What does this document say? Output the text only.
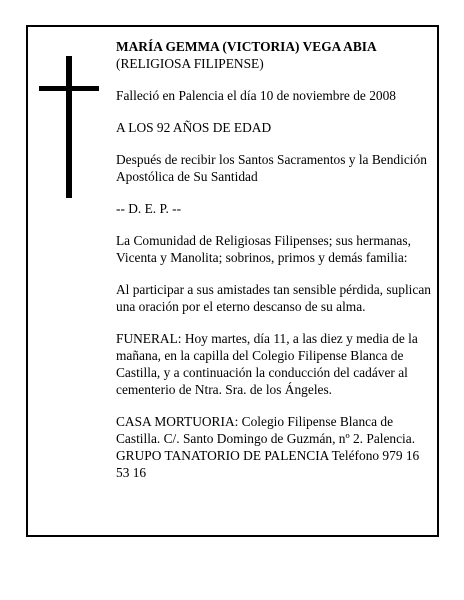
MARÍA GEMMA (VICTORIA) VEGA ABIA
(RELIGIOSA FILIPENSE)

Falleció en Palencia el día 10 de noviembre de 2008

A LOS 92 AÑOS DE EDAD

Después de recibir los Santos Sacramentos y la Bendición Apostólica de Su Santidad

-- D. E. P. --

La Comunidad de Religiosas Filipenses; sus hermanas, Vicenta y Manolita; sobrinos, primos y demás familia:

Al participar a sus amistades tan sensible pérdida, suplican una oración por el eterno descanso de su alma.

FUNERAL: Hoy martes, día 11, a las diez y media de la mañana, en la capilla del Colegio Filipense Blanca de Castilla, y a continuación la conducción del cadáver al cementerio de Ntra. Sra. de los Ángeles.

CASA MORTUORIA: Colegio Filipense Blanca de Castilla. C/. Santo Domingo de Guzmán, nº 2. Palencia. GRUPO TANATORIO DE PALENCIA Teléfono 979 16 53 16
